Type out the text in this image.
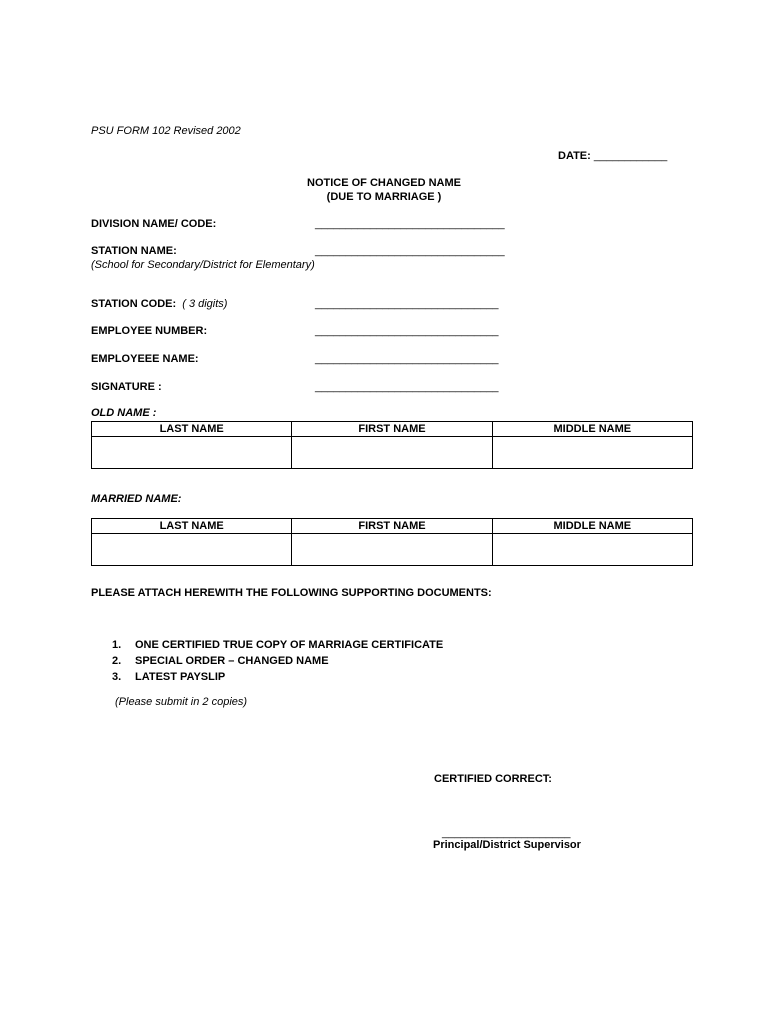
PSU FORM 102 Revised 2002
DATE: ____________
NOTICE OF CHANGED NAME
(DUE TO MARRIAGE )
DIVISION NAME/ CODE:	_______________________________
STATION NAME:	_______________________________
(School for Secondary/District for Elementary)
STATION CODE: ( 3 digits)	______________________________
EMPLOYEE NUMBER:	______________________________
EMPLOYEEE NAME:	______________________________
SIGNATURE :	______________________________
OLD NAME :
LAST NAME	FIRST NAME	MIDDLE NAME

MARRIED NAME:
LAST NAME	FIRST NAME	MIDDLE NAME

PLEASE ATTACH HEREWITH THE FOLLOWING SUPPORTING DOCUMENTS:
1. ONE CERTIFIED TRUE COPY OF MARRIAGE CERTIFICATE
2. SPECIAL ORDER – CHANGED NAME
3. LATEST PAYSLIP
(Please submit in 2 copies)
CERTIFIED CORRECT:
_____________________
Principal/District Supervisor
